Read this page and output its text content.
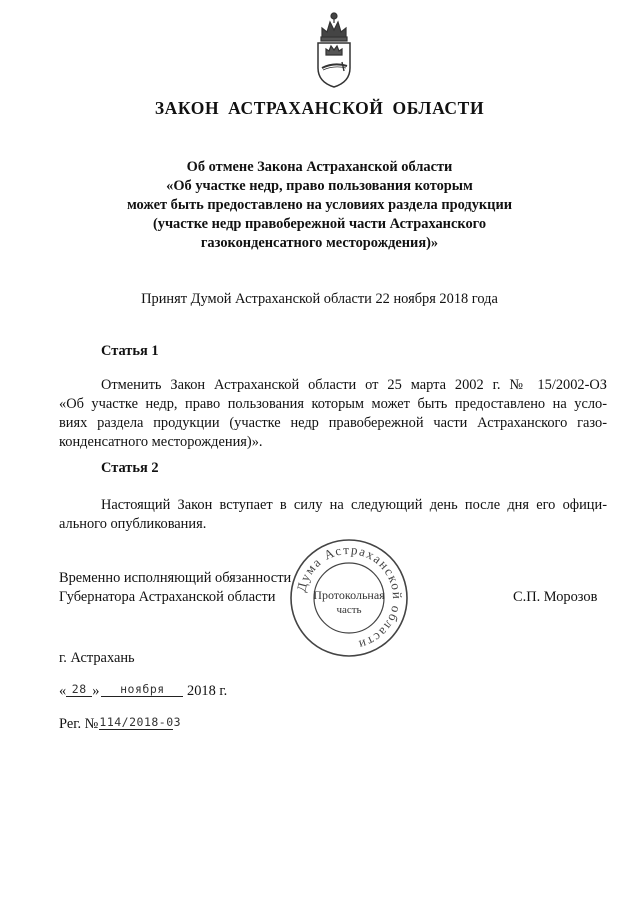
ЗАКОН АСТРАХАНСКОЙ ОБЛАСТИ
Об отмене Закона Астраханской области
«Об участке недр, право пользования которым
может быть предоставлено на условиях раздела продукции
(участке недр правобережной части Астраханского
газоконденсатного месторождения)»
Принят Думой Астраханской области 22 ноября 2018 года
Статья 1
Отменить Закон Астраханской области от 25 марта 2002 г. № 15/2002-ОЗ
«Об участке недр, право пользования которым может быть предоставлено на усло-
виях раздела продукции (участке недр правобережной части Астраханского газо-
конденсатного месторождения)».
Статья 2
Настоящий Закон вступает в силу на следующий день после дня его офици-
ального опубликования.
Временно исполняющий обязанности
Губернатора Астраханской области
Дума Астраханской области
Протокольная
часть
С.П. Морозов
г. Астрахань
« 28 » ноября 2018 г.
Рег. №114/2018-03
